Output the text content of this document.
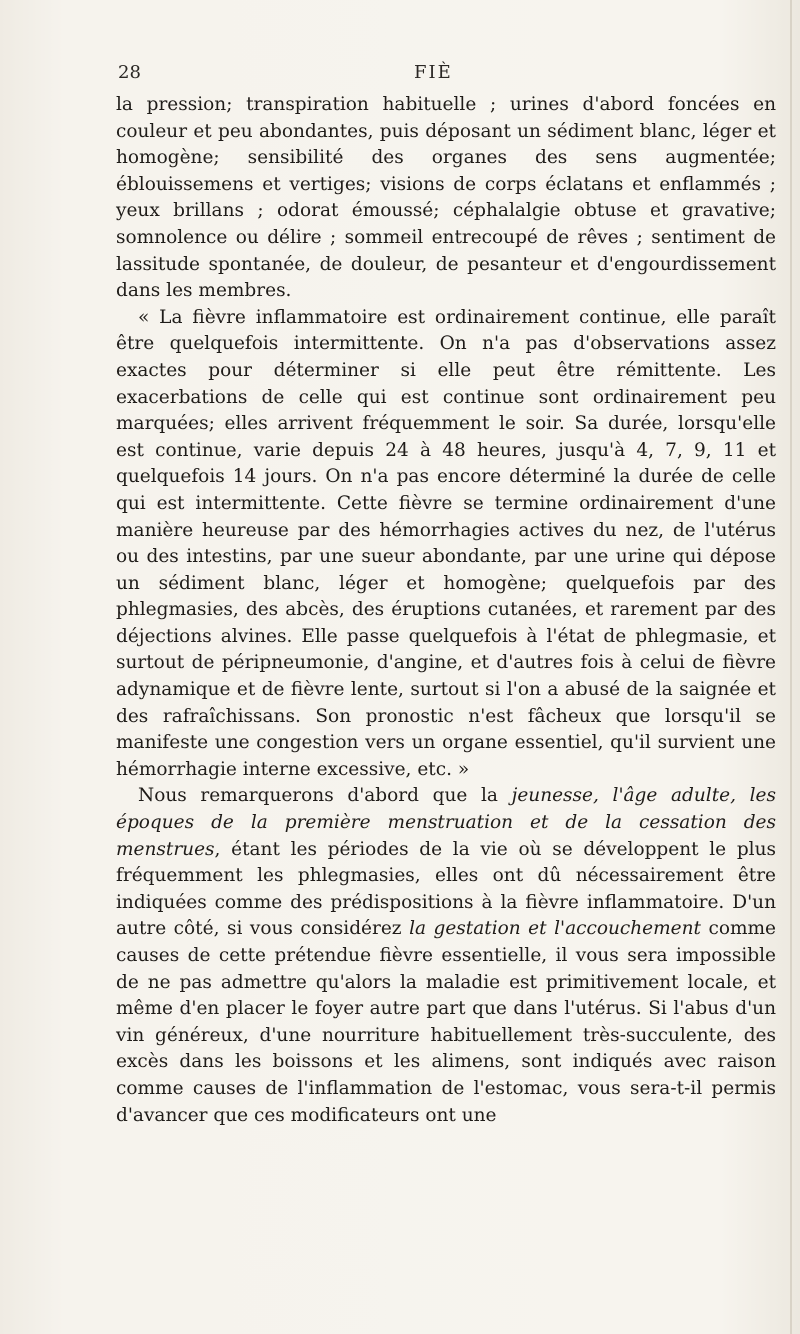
28	FIÈ

la pression; transpiration habituelle ; urines d'abord foncées en couleur et peu abondantes, puis déposant un sédiment blanc, léger et homogène; sensibilité des organes des sens augmentée; éblouissemens et vertiges; visions de corps éclatans et enflammés ; yeux brillans ; odorat émoussé; céphalalgie obtuse et gravative; somnolence ou délire ; sommeil entrecoupé de rêves ; sentiment de lassitude spontanée, de douleur, de pesanteur et d'engourdissement dans les membres.

« La fièvre inflammatoire est ordinairement continue, elle paraît être quelquefois intermittente. On n'a pas d'observations assez exactes pour déterminer si elle peut être rémittente. Les exacerbations de celle qui est continue sont ordinairement peu marquées; elles arrivent fréquemment le soir. Sa durée, lorsqu'elle est continue, varie depuis 24 à 48 heures, jusqu'à 4, 7, 9, 11 et quelquefois 14 jours. On n'a pas encore déterminé la durée de celle qui est intermittente. Cette fièvre se termine ordinairement d'une manière heureuse par des hémorrhagies actives du nez, de l'utérus ou des intestins, par une sueur abondante, par une urine qui dépose un sédiment blanc, léger et homogène; quelquefois par des phlegmasies, des abcès, des éruptions cutanées, et rarement par des déjections alvines. Elle passe quelquefois à l'état de phlegmasie, et surtout de péripneumonie, d'angine, et d'autres fois à celui de fièvre adynamique et de fièvre lente, surtout si l'on a abusé de la saignée et des rafraîchissans. Son pronostic n'est fâcheux que lorsqu'il se manifeste une congestion vers un organe essentiel, qu'il survient une hémorrhagie interne excessive, etc. »

Nous remarquerons d'abord que la jeunesse, l'âge adulte, les époques de la première menstruation et de la cessation des menstrues, étant les périodes de la vie où se développent le plus fréquemment les phlegmasies, elles ont dû nécessairement être indiquées comme des prédispositions à la fièvre inflammatoire. D'un autre côté, si vous considérez la gestation et l'accouchement comme causes de cette prétendue fièvre essentielle, il vous sera impossible de ne pas admettre qu'alors la maladie est primitivement locale, et même d'en placer le foyer autre part que dans l'utérus. Si l'abus d'un vin généreux, d'une nourriture habituellement très-succulente, des excès dans les boissons et les alimens, sont indiqués avec raison comme causes de l'inflammation de l'estomac, vous sera-t-il permis d'avancer que ces modificateurs ont une
